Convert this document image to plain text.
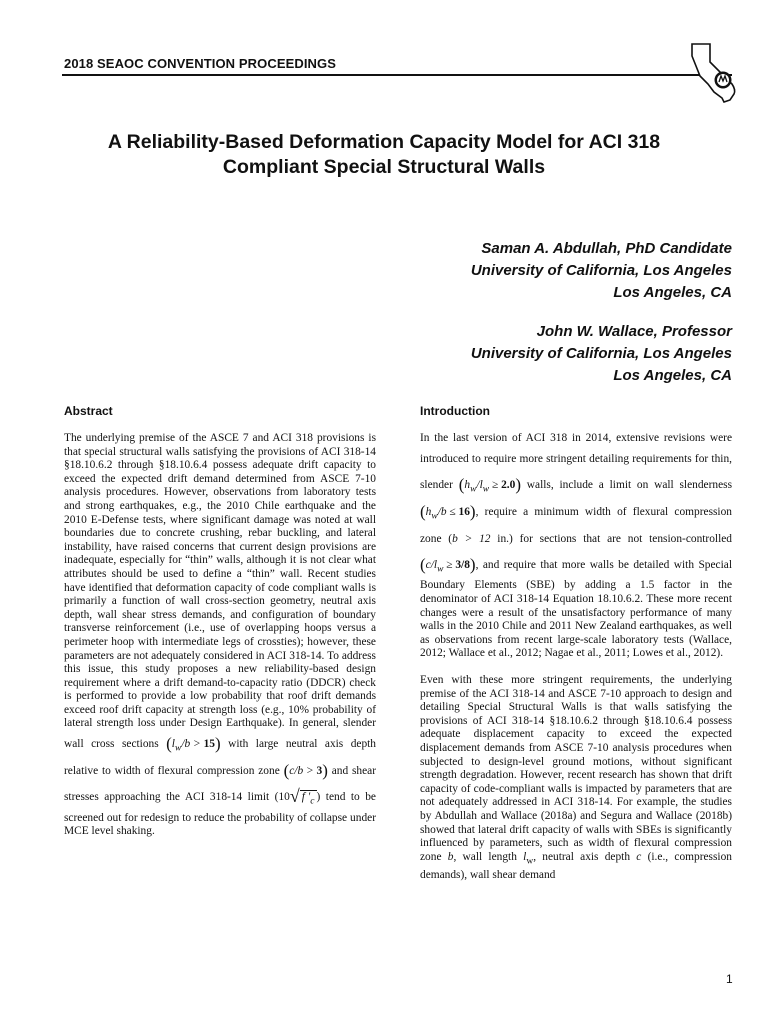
2018 SEAOC CONVENTION PROCEEDINGS
A Reliability-Based Deformation Capacity Model for ACI 318 Compliant Special Structural Walls
Saman A. Abdullah, PhD Candidate
University of California, Los Angeles
Los Angeles, CA
John W. Wallace, Professor
University of California, Los Angeles
Los Angeles, CA
Abstract	Introduction

The underlying premise of the ASCE 7 and ACI 318 provisions is that special structural walls satisfying the provisions of ACI 318-14 §18.10.6.2 through §18.10.6.4 possess adequate drift capacity to exceed the expected drift demand determined from ASCE 7-10 analysis procedures. However, observations from laboratory tests and strong earthquakes, e.g., the 2010 Chile earthquake and the 2010 E-Defense tests, where significant damage was noted at wall boundaries due to concrete crushing, rebar buckling, and lateral instability, have raised concerns that current design provisions are inadequate, especially for “thin” walls, although it is not clear what attributes should be used to define a “thin” wall. Recent studies have identified that deformation capacity of code compliant walls is primarily a function of wall cross-section geometry, neutral axis depth, wall shear stress demands, and configuration of boundary transverse reinforcement (i.e., use of overlapping hoops versus a perimeter hoop with intermediate legs of crossties); however, these parameters are not adequately considered in ACI 318-14. To address this issue, this study proposes a new reliability-based design requirement where a drift demand-to-capacity ratio (DDCR) check is performed to provide a low probability that roof drift demands exceed roof drift capacity at strength loss (e.g., 10% probability of lateral strength loss under Design Earthquake). In general, slender wall cross sections $(l_w/b > 15)$ with large neutral axis depth relative to width of flexural compression zone (c/b > 3) and shear stresses approaching the ACI 318-14 limit (10√ f $'_c$ ) tend to be screened out for redesign to reduce the probability of collapse under MCE level shaking.

In the last version of ACI 318 in 2014, extensive revisions were introduced to require more stringent detailing requirements for thin, slender $(h_w/l_w \ge 2.0)$ walls, include a limit on wall slenderness $(h_w/b \le 16)$, require a minimum width of flexural compression zone (b > 12 in.) for sections that are not tension-controlled $(c/l_w \ge 3/8)$, and require that more walls be detailed with Special Boundary Elements (SBE) by adding a 1.5 factor in the denominator of ACI 318-14 Equation 18.10.6.2. These more recent changes were a result of the unsatisfactory performance of many walls in the 2010 Chile and 2011 New Zealand earthquakes, as well as observations from recent large-scale laboratory tests (Wallace, 2012; Wallace et al., 2012; Nagae et al., 2011; Lowes et al., 2012).

Even with these more stringent requirements, the underlying premise of the ACI 318-14 and ASCE 7-10 approach to design and detailing Special Structural Walls is that walls satisfying the provisions of ACI 318-14 §18.10.6.2 through §18.10.6.4 possess adequate displacement capacity to exceed the expected displacement demands from ASCE 7-10 analysis procedures when subjected to design-level ground motions, without significant strength degradation. However, recent research has shown that drift capacity of code-compliant walls is impacted by parameters that are not adequately addressed in ACI 318-14. For example, the studies by Abdullah and Wallace (2018a) and Segura and Wallace (2018b) showed that lateral drift capacity of walls with SBEs is significantly influenced by parameters, such as width of flexural compression zone b, wall length $l_w$, neutral axis depth c (i.e., compression demands), wall shear demand

1
